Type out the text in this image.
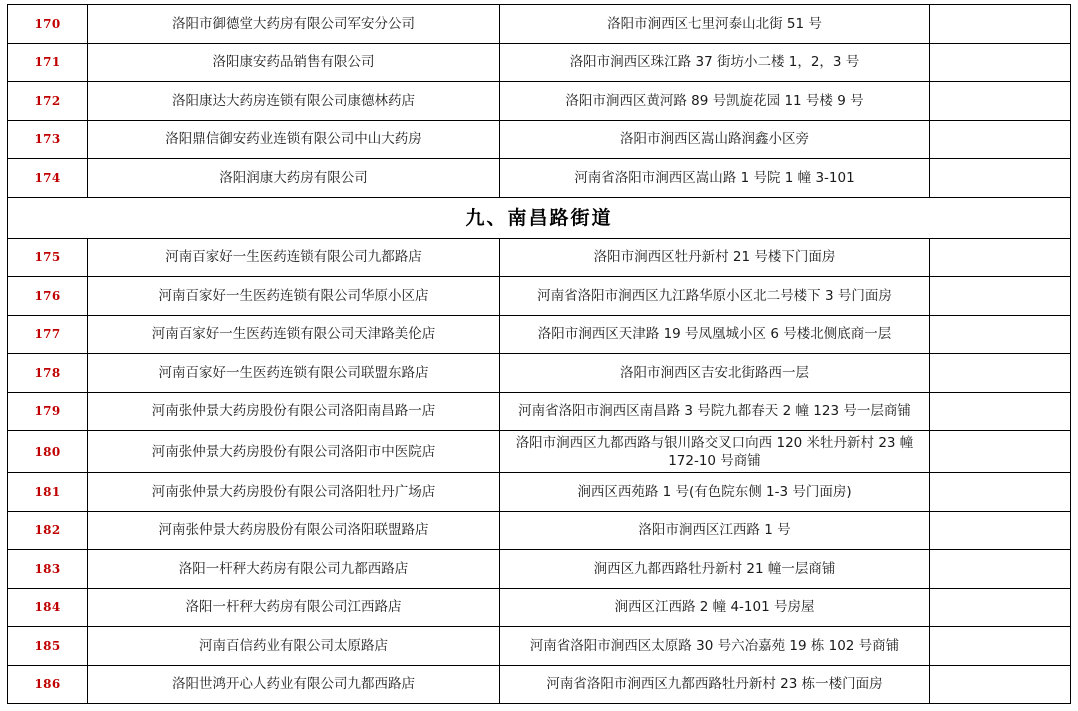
170	洛阳市御德堂大药房有限公司军安分公司	洛阳市涧西区七里河泰山北街 51 号	
171	洛阳康安药品销售有限公司	洛阳市涧西区珠江路 37 街坊小二楼 1，2，3 号	
172	洛阳康达大药房连锁有限公司康德林药店	洛阳市涧西区黄河路 89 号凯旋花园 11 号楼 9 号	
173	洛阳鼎信御安药业连锁有限公司中山大药房	洛阳市涧西区嵩山路润鑫小区旁	
174	洛阳润康大药房有限公司	河南省洛阳市涧西区嵩山路 1 号院 1 幢 3-101	
九、南昌路街道			
175	河南百家好一生医药连锁有限公司九都路店	洛阳市涧西区牡丹新村 21 号楼下门面房	
176	河南百家好一生医药连锁有限公司华原小区店	河南省洛阳市涧西区九江路华原小区北二号楼下 3 号门面房	
177	河南百家好一生医药连锁有限公司天津路美伦店	洛阳市涧西区天津路 19 号凤凰城小区 6 号楼北侧底商一层	
178	河南百家好一生医药连锁有限公司联盟东路店	洛阳市涧西区吉安北街路西一层	
179	河南张仲景大药房股份有限公司洛阳南昌路一店	河南省洛阳市涧西区南昌路 3 号院九都春天 2 幢 123 号一层商铺	
180	河南张仲景大药房股份有限公司洛阳市中医院店	洛阳市涧西区九都西路与银川路交叉口向西 120 米牡丹新村 23 幢 172-10 号商铺	
181	河南张仲景大药房股份有限公司洛阳牡丹广场店	涧西区西苑路 1 号(有色院东侧 1-3 号门面房)	
182	河南张仲景大药房股份有限公司洛阳联盟路店	洛阳市涧西区江西路 1 号	
183	洛阳一杆秤大药房有限公司九都西路店	涧西区九都西路牡丹新村 21 幢一层商铺	
184	洛阳一杆秤大药房有限公司江西路店	涧西区江西路 2 幢 4-101 号房屋	
185	河南百信药业有限公司太原路店	河南省洛阳市涧西区太原路 30 号六冶嘉苑 19 栋 102 号商铺	
186	洛阳世鸿开心人药业有限公司九都西路店	河南省洛阳市涧西区九都西路牡丹新村 23 栋一楼门面房	
